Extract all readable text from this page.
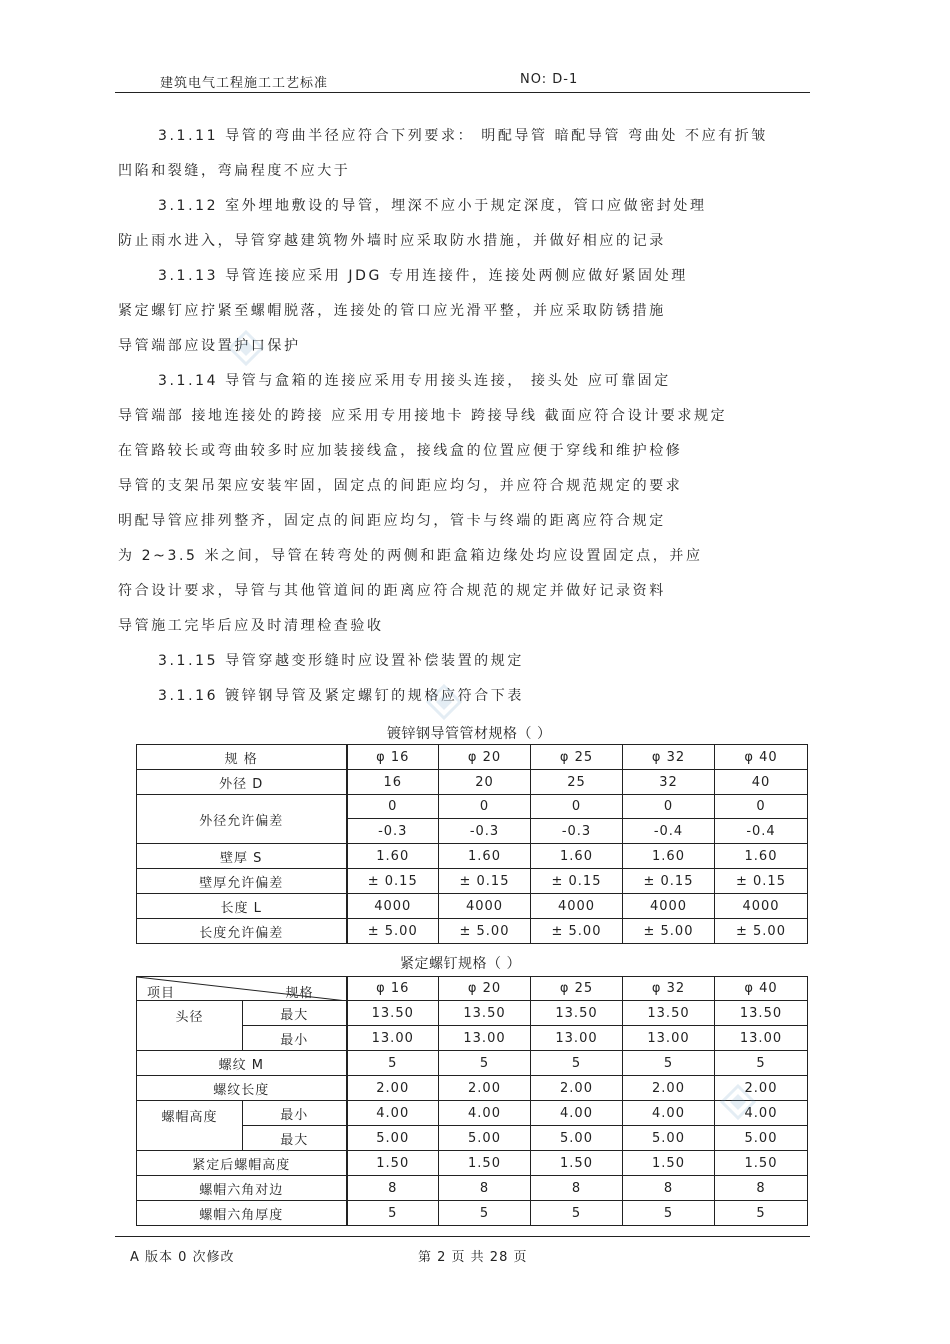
建筑电气工程施工工艺标准	NO: D-1
3.1.11 导管的弯曲半径应符合下列要求： 明配导管 暗配导管 弯曲处 不应有折皱
凹陷和裂缝，弯扁程度不应大于
3.1.12 室外埋地敷设的导管，埋深不应小于规定深度，管口应做密封处理
防止雨水进入，导管穿越建筑物外墙时应采取防水措施，并做好相应的记录
3.1.13 导管连接应采用 JDG 专用连接件，连接处两侧应做好紧固处理
紧定螺钉应拧紧至螺帽脱落，连接处的管口应光滑平整，并应采取防锈措施
导管端部应设置护口保护
3.1.14 导管与盒箱的连接应采用专用接头连接， 接头处 应可靠固定
导管端部 接地连接处的跨接 应采用专用接地卡 跨接导线 截面应符合设计要求规定
在管路较长或弯曲较多时应加装接线盒，接线盒的位置应便于穿线和维护检修
导管的支架吊架应安装牢固，固定点的间距应均匀，并应符合规范规定的要求
明配导管应排列整齐，固定点的间距应均匀，管卡与终端的距离应符合规定
为 2~3.5 米之间，导管在转弯处的两侧和距盒箱边缘处均应设置固定点，并应
符合设计要求，导管与其他管道间的距离应符合规范的规定并做好记录资料
导管施工完毕后应及时清理检查验收
3.1.15 导管穿越变形缝时应设置补偿装置的规定
3.1.16 镀锌钢导管及紧定螺钉的规格应符合下表
镀锌钢导管管材规格（ ）
规 格	φ 16	φ 20	φ 25	φ 32	φ 40
外径 D	16	20	25	32	40
外径允许偏差	0	0	0	0	0
	-0.3	-0.3	-0.3	-0.4	-0.4
壁厚 S	1.60	1.60	1.60	1.60	1.60
壁厚允许偏差	± 0.15	± 0.15	± 0.15	± 0.15	± 0.15
长度 L	4000	4000	4000	4000	4000
长度允许偏差	± 5.00	± 5.00	± 5.00	± 5.00	± 5.00
紧定螺钉规格（ ）
项目 规格		φ 16	φ 20	φ 25	φ 32	φ 40
头径	最大	13.50	13.50	13.50	13.50	13.50
	最小	13.00	13.00	13.00	13.00	13.00
螺纹 M		5	5	5	5	5
螺纹长度		2.00	2.00	2.00	2.00	2.00
螺帽高度	最小	4.00	4.00	4.00	4.00	4.00
	最大	5.00	5.00	5.00	5.00	5.00
紧定后螺帽高度		1.50	1.50	1.50	1.50	1.50
螺帽六角对边		8	8	8	8	8
螺帽六角厚度		5	5	5	5	5
A 版本 0 次修改	第 2 页 共 28 页
